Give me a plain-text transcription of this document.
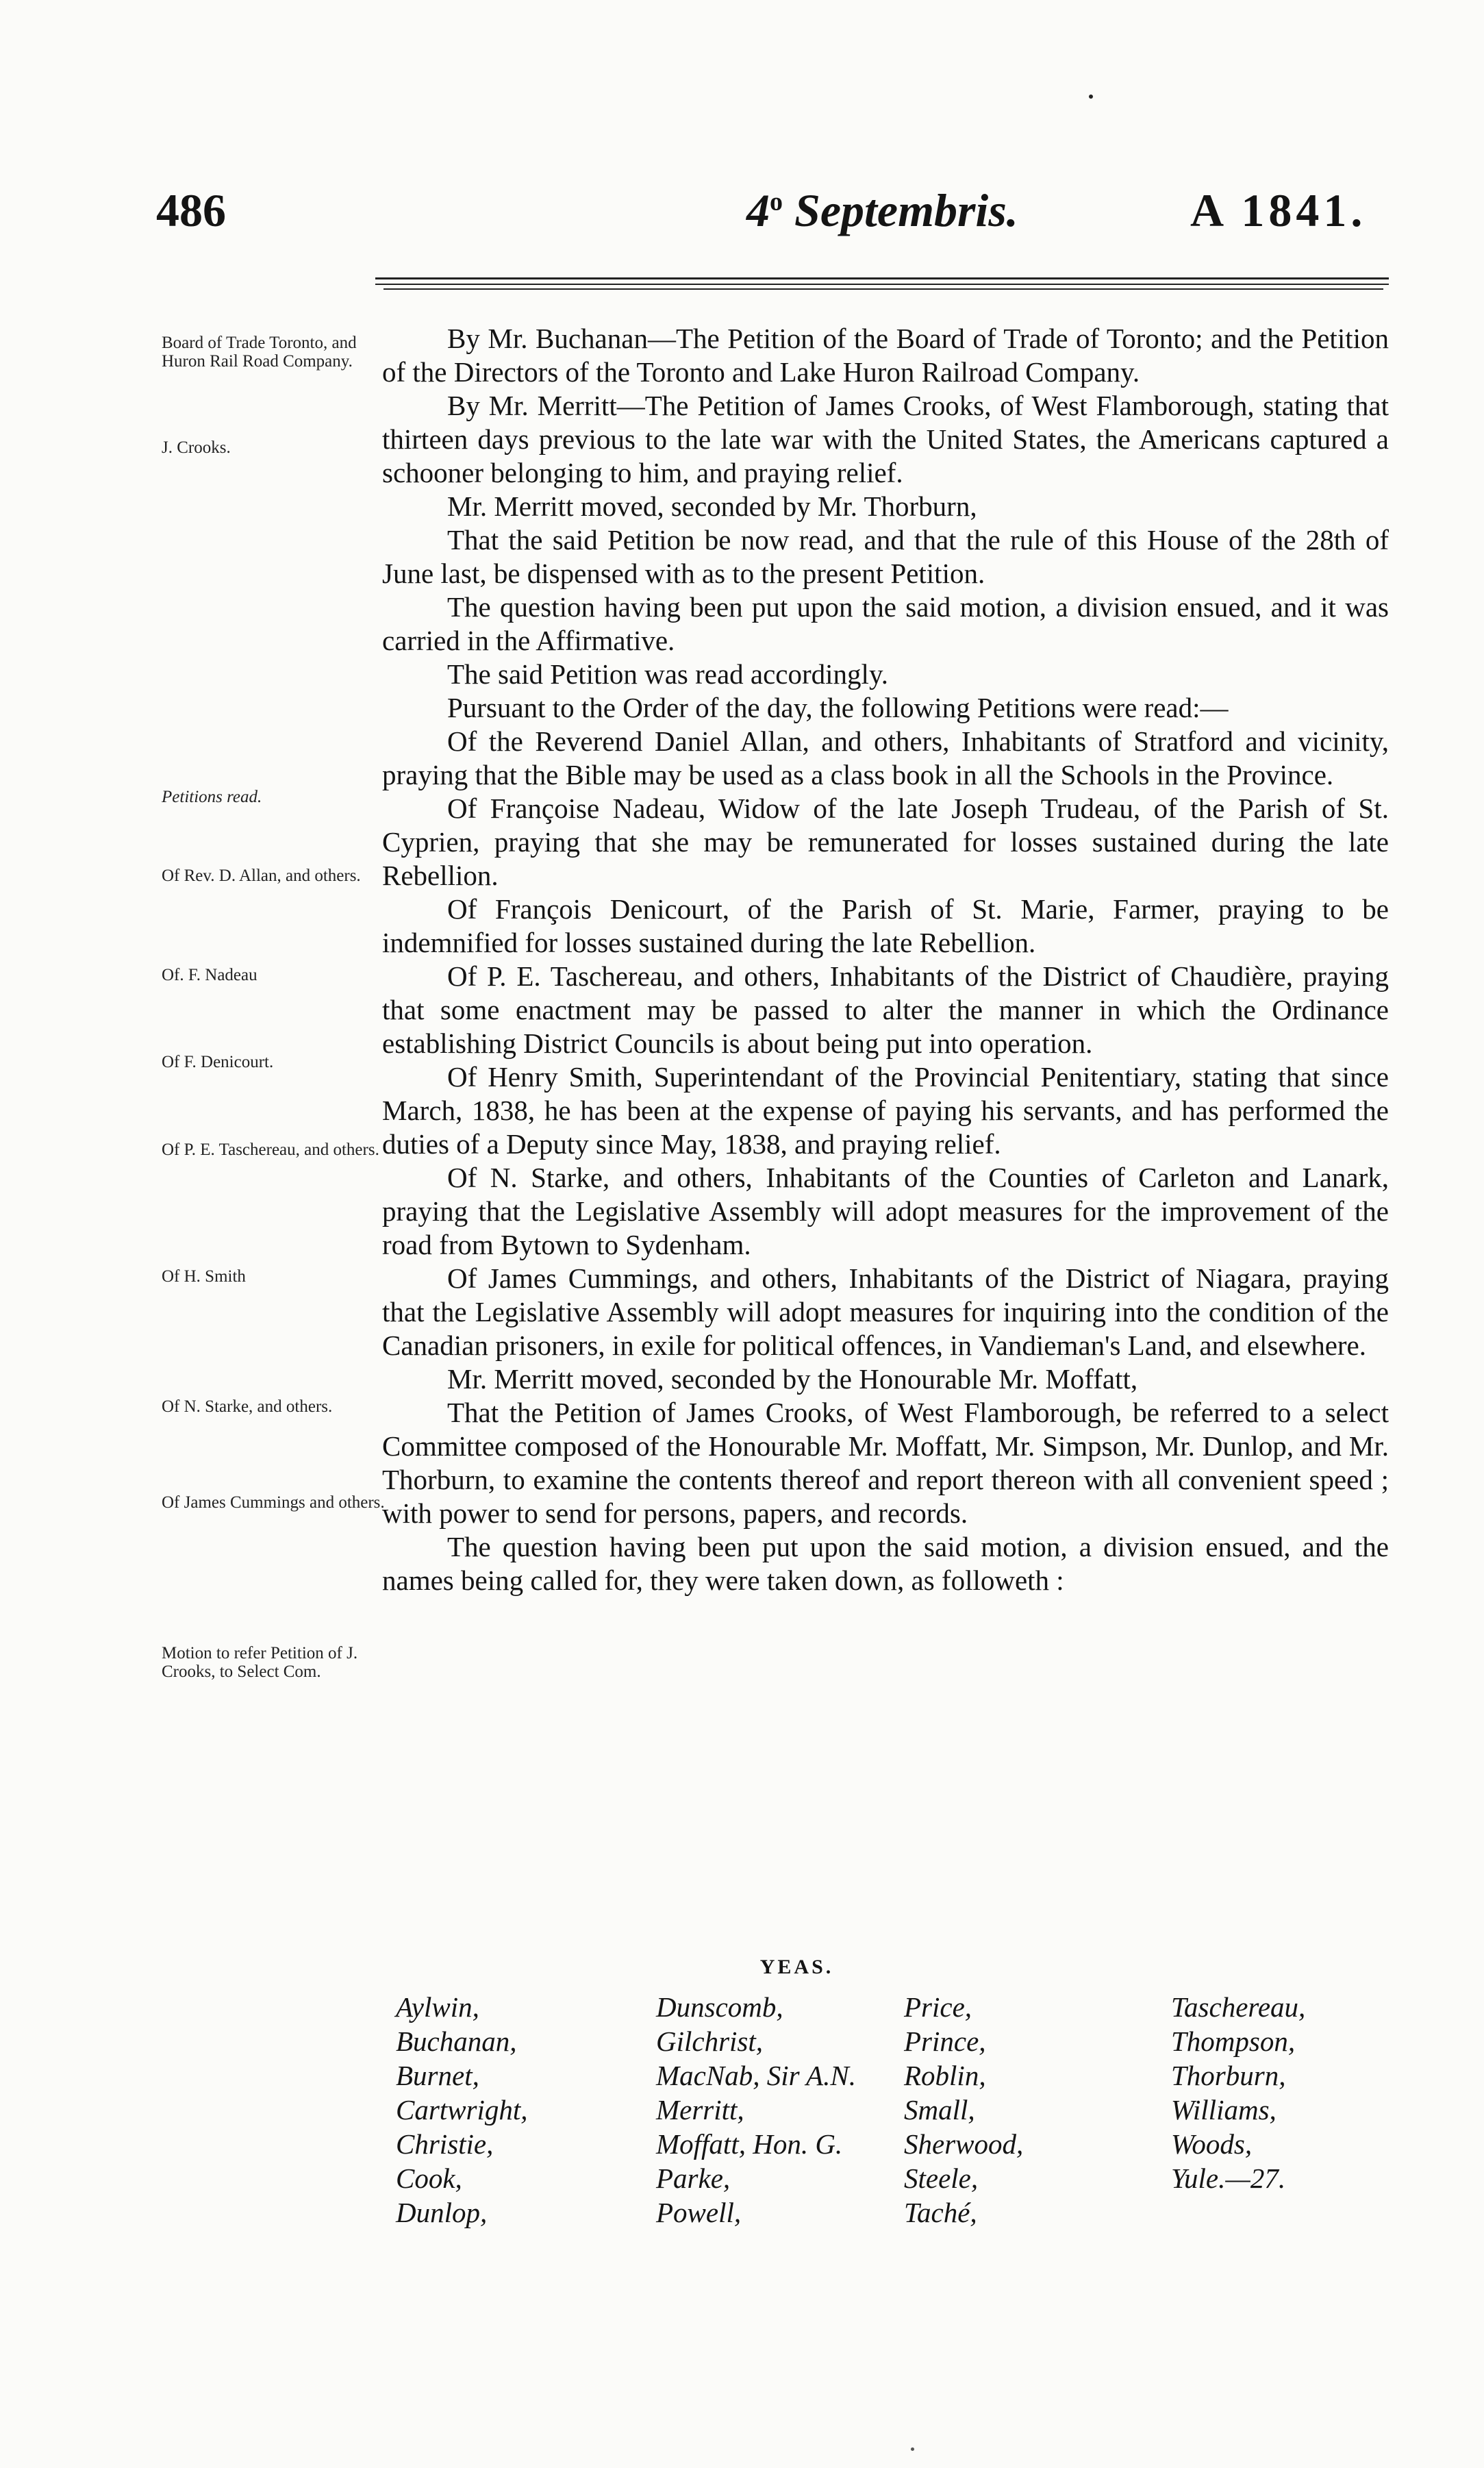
486	4$^o$ Septembris.	A 1841.
Board of Trade Toronto, and Huron Rail Road Company.
J. Crooks.
Petitions read.
Of Rev. D. Allan, and others.
Of. F. Nadeau
Of F. Denicourt.
Of P. E. Taschereau, and others.
Of H. Smith
Of N. Starke, and others.
Of James Cummings and others.
Motion to refer Petition of J. Crooks, to Select Com.

By Mr. Buchanan—The Petition of the Board of Trade of Toronto; and the Petition of the Directors of the Toronto and Lake Huron Railroad Company.

By Mr. Merritt—The Petition of James Crooks, of West Flamborough, stating that thirteen days previous to the late war with the United States, the Americans captured a schooner belonging to him, and praying relief.

Mr. Merritt moved, seconded by Mr. Thorburn,

That the said Petition be now read, and that the rule of this House of the 28th of June last, be dispensed with as to the present Petition.

The question having been put upon the said motion, a division ensued, and it was carried in the Affirmative.

The said Petition was read accordingly.

Pursuant to the Order of the day, the following Petitions were read:—

Of the Reverend Daniel Allan, and others, Inhabitants of Stratford and vicinity, praying that the Bible may be used as a class book in all the Schools in the Province.

Of Françoise Nadeau, Widow of the late Joseph Trudeau, of the Parish of St. Cyprien, praying that she may be remunerated for losses sustained during the late Rebellion.

Of François Denicourt, of the Parish of St. Marie, Farmer, praying to be indemnified for losses sustained during the late Rebellion.

Of P. E. Taschereau, and others, Inhabitants of the District of Chaudière, praying that some enactment may be passed to alter the manner in which the Ordinance establishing District Councils is about being put into operation.

Of Henry Smith, Superintendant of the Provincial Penitentiary, stating that since March, 1838, he has been at the expense of paying his servants, and has performed the duties of a Deputy since May, 1838, and praying relief.

Of N. Starke, and others, Inhabitants of the Counties of Carleton and Lanark, praying that the Legislative Assembly will adopt measures for the improvement of the road from Bytown to Sydenham.

Of James Cummings, and others, Inhabitants of the District of Niagara, praying that the Legislative Assembly will adopt measures for inquiring into the condition of the Canadian prisoners, in exile for political offences, in Vandieman's Land, and elsewhere.

Mr. Merritt moved, seconded by the Honourable Mr. Moffatt,

That the Petition of James Crooks, of West Flamborough, be referred to a select Committee composed of the Honourable Mr. Moffatt, Mr. Simpson, Mr. Dunlop, and Mr. Thorburn, to examine the contents thereof and report thereon with all convenient speed ; with power to send for persons, papers, and records.

The question having been put upon the said motion, a division ensued, and the names being called for, they were taken down, as followeth :

YEAS.
Aylwin,
Buchanan,
Burnet,
Cartwright,
Christie,
Cook,
Dunlop,
Dunscomb,
Gilchrist,
MacNab, Sir A.N.
Merritt,
Moffatt, Hon. G.
Parke,
Powell,
Price,
Prince,
Roblin,
Small,
Sherwood,
Steele,
Taché,
Taschereau,
Thompson,
Thorburn,
Williams,
Woods,
Yule.—27.
